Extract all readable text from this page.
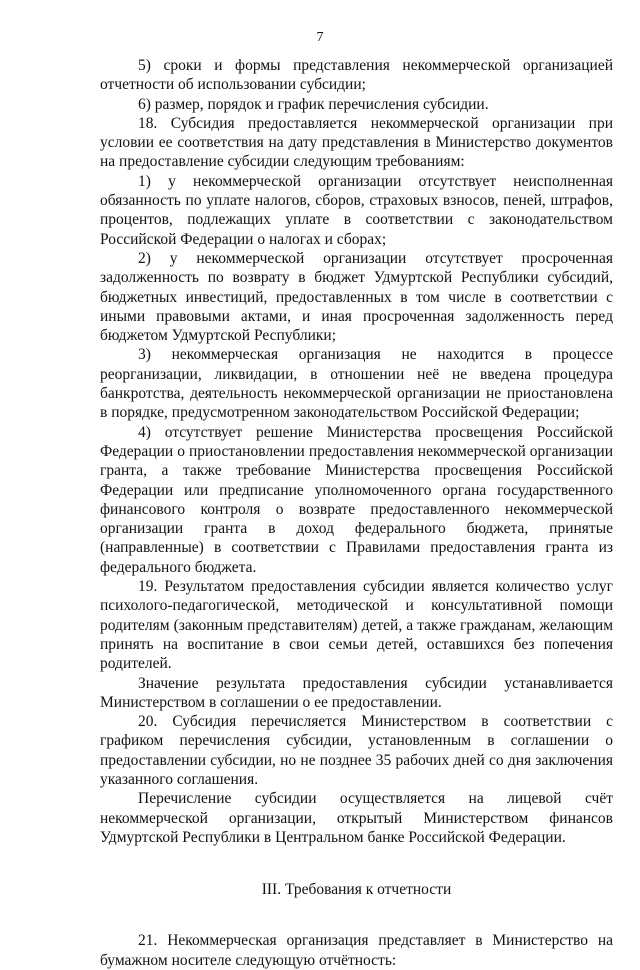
7

5) сроки и формы представления некоммерческой организацией отчетности об использовании субсидии;

6) размер, порядок и график перечисления субсидии.

18. Субсидия предоставляется некоммерческой организации при условии ее соответствия на дату представления в Министерство документов на предоставление субсидии следующим требованиям:

1) у некоммерческой организации отсутствует неисполненная обязанность по уплате налогов, сборов, страховых взносов, пеней, штрафов, процентов, подлежащих уплате в соответствии с законодательством Российской Федерации о налогах и сборах;

2) у некоммерческой организации отсутствует просроченная задолженность по возврату в бюджет Удмуртской Республики субсидий, бюджетных инвестиций, предоставленных в том числе в соответствии с иными правовыми актами, и иная просроченная задолженность перед бюджетом Удмуртской Республики;

3) некоммерческая организация не находится в процессе реорганизации, ликвидации, в отношении неё не введена процедура банкротства, деятельность некоммерческой организации не приостановлена в порядке, предусмотренном законодательством Российской Федерации;

4) отсутствует решение Министерства просвещения Российской Федерации о приостановлении предоставления некоммерческой организации гранта, а также требование Министерства просвещения Российской Федерации или предписание уполномоченного органа государственного финансового контроля о возврате предоставленного некоммерческой организации гранта в доход федерального бюджета, принятые (направленные) в соответствии с Правилами предоставления гранта из федерального бюджета.

19. Результатом предоставления субсидии является количество услуг психолого-педагогической, методической и консультативной помощи родителям (законным представителям) детей, а также гражданам, желающим принять на воспитание в свои семьи детей, оставшихся без попечения родителей.

Значение результата предоставления субсидии устанавливается Министерством в соглашении о ее предоставлении.

20. Субсидия перечисляется Министерством в соответствии с графиком перечисления субсидии, установленным в соглашении о предоставлении субсидии, но не позднее 35 рабочих дней со дня заключения указанного соглашения.

Перечисление субсидии осуществляется на лицевой счёт некоммерческой организации, открытый Министерством финансов Удмуртской Республики в Центральном банке Российской Федерации.

III. Требования к отчетности

21. Некоммерческая организация представляет в Министерство на бумажном носителе следующую отчётность:
